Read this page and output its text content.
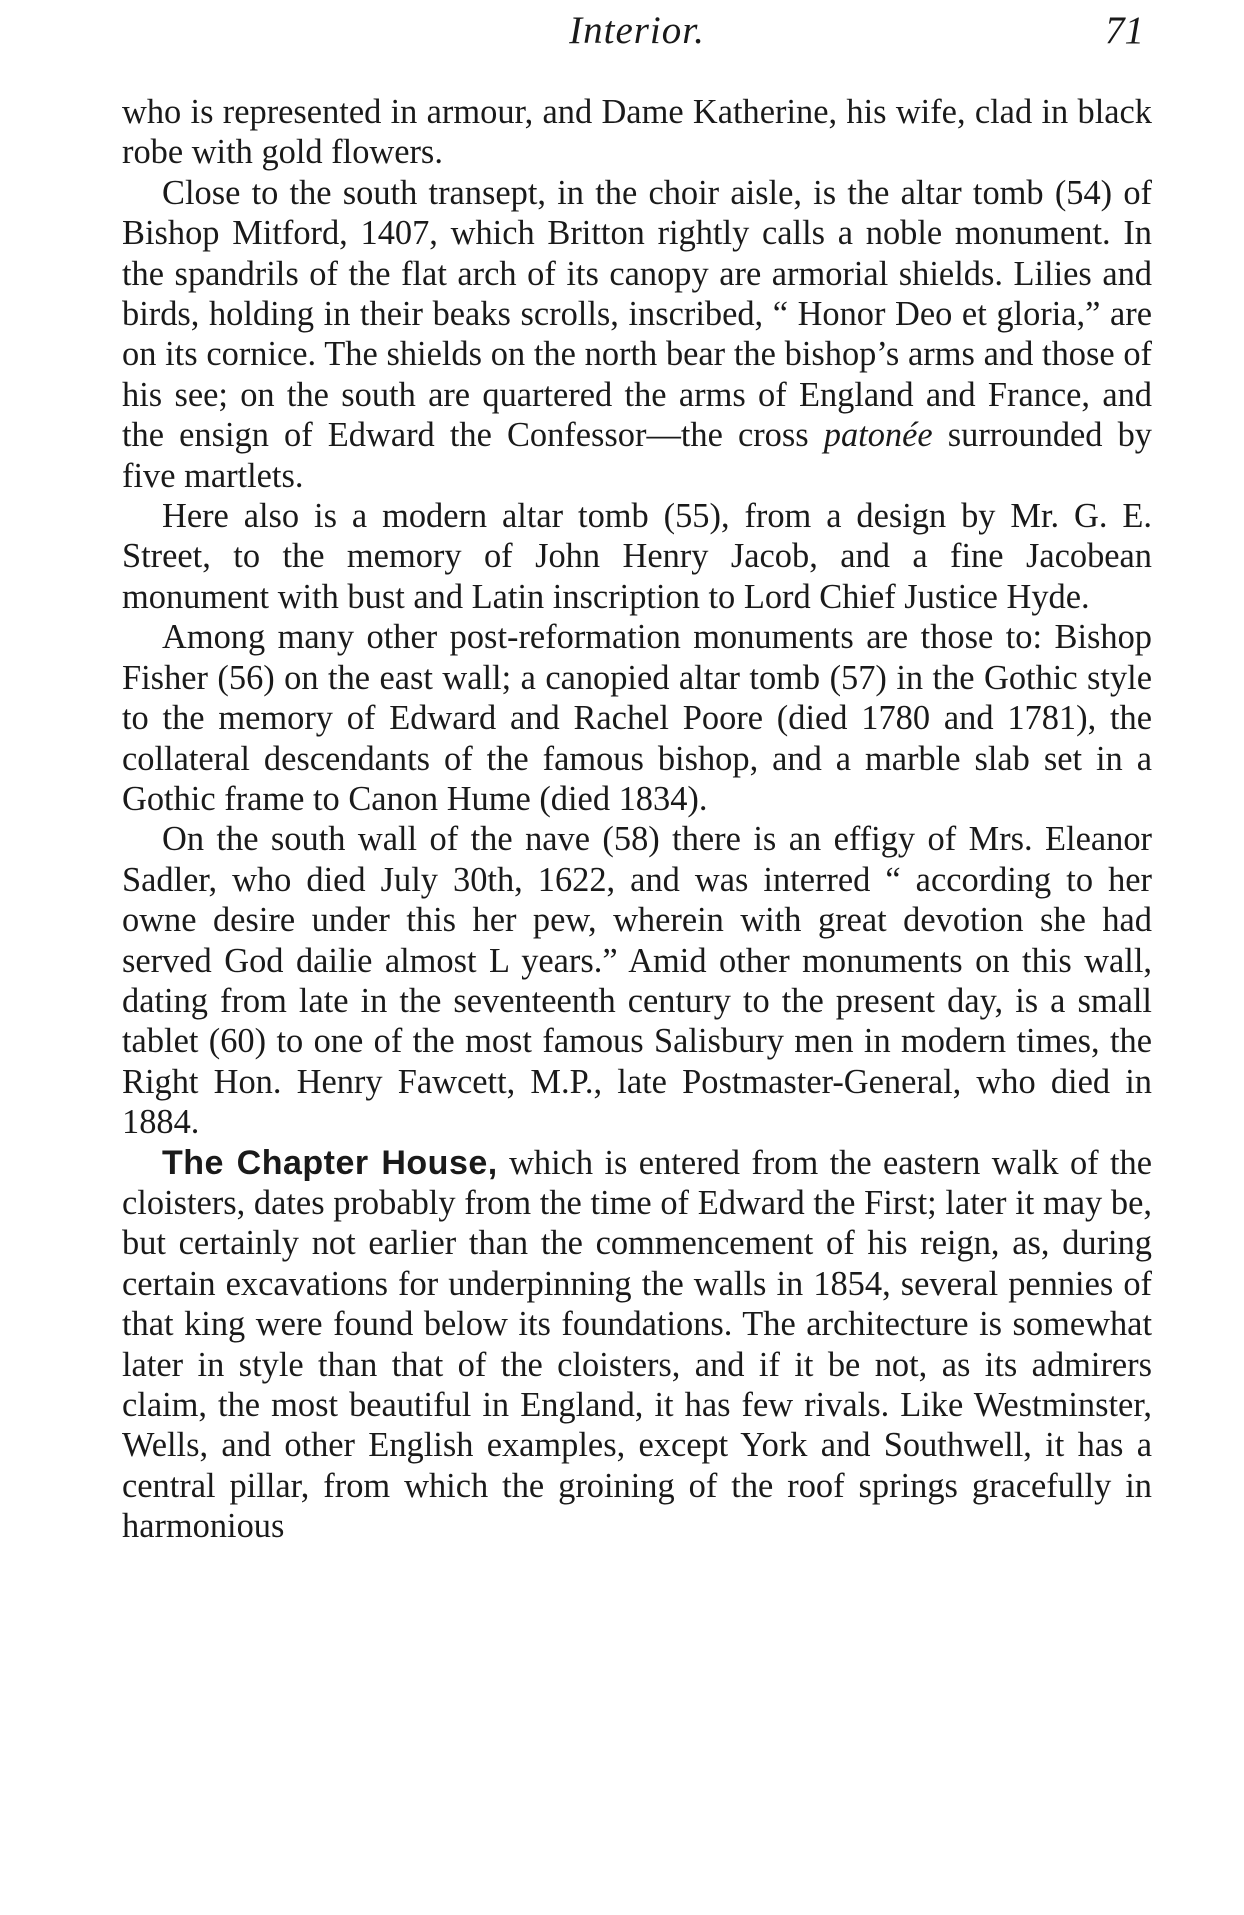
Interior.	71

who is represented in armour, and Dame Katherine, his wife, clad in black robe with gold flowers.

Close to the south transept, in the choir aisle, is the altar tomb (54) of Bishop Mitford, 1407, which Britton rightly calls a noble monument. In the spandrils of the flat arch of its canopy are armorial shields. Lilies and birds, holding in their beaks scrolls, inscribed, “ Honor Deo et gloria,” are on its cornice. The shields on the north bear the bishop’s arms and those of his see; on the south are quartered the arms of England and France, and the ensign of Edward the Confessor—the cross patonée surrounded by five martlets.

Here also is a modern altar tomb (55), from a design by Mr. G. E. Street, to the memory of John Henry Jacob, and a fine Jacobean monument with bust and Latin inscription to Lord Chief Justice Hyde.

Among many other post-reformation monuments are those to: Bishop Fisher (56) on the east wall; a canopied altar tomb (57) in the Gothic style to the memory of Edward and Rachel Poore (died 1780 and 1781), the collateral descendants of the famous bishop, and a marble slab set in a Gothic frame to Canon Hume (died 1834).

On the south wall of the nave (58) there is an effigy of Mrs. Eleanor Sadler, who died July 30th, 1622, and was interred “ according to her owne desire under this her pew, wherein with great devotion she had served God dailie almost L years.” Amid other monuments on this wall, dating from late in the seventeenth century to the present day, is a small tablet (60) to one of the most famous Salisbury men in modern times, the Right Hon. Henry Fawcett, M.P., late Postmaster-General, who died in 1884.

The Chapter House, which is entered from the eastern walk of the cloisters, dates probably from the time of Edward the First; later it may be, but certainly not earlier than the commencement of his reign, as, during certain excavations for underpinning the walls in 1854, several pennies of that king were found below its foundations. The architecture is somewhat later in style than that of the cloisters, and if it be not, as its admirers claim, the most beautiful in England, it has few rivals. Like Westminster, Wells, and other English examples, except York and Southwell, it has a central pillar, from which the groining of the roof springs gracefully in harmonious
